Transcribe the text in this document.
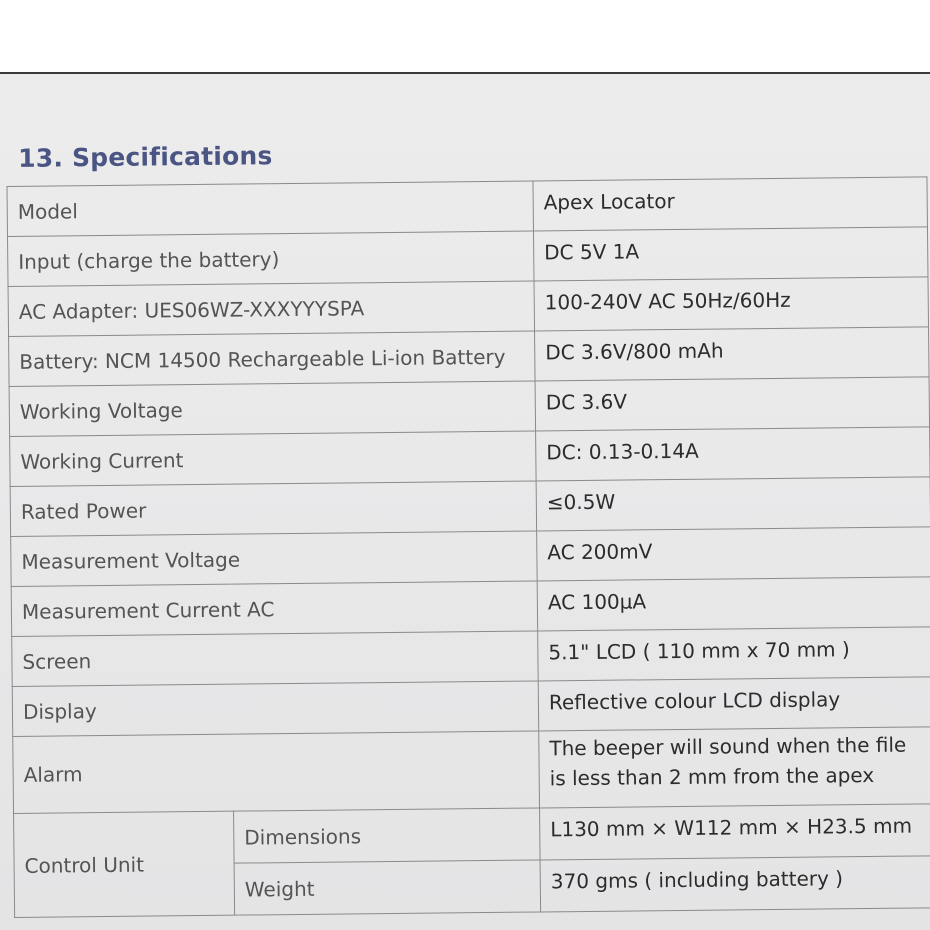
13. Specifications
Model		Apex Locator
Input (charge the battery)		DC 5V 1A
AC Adapter: UES06WZ-XXXYYYSPA		100-240V AC 50Hz/60Hz
Battery: NCM 14500 Rechargeable Li-ion Battery		DC 3.6V/800 mAh
Working Voltage		DC 3.6V
Working Current		DC: 0.13-0.14A
Rated Power		≤0.5W
Measurement Voltage		AC 200mV
Measurement Current AC		AC 100µA
Screen		5.1" LCD ( 110 mm x 70 mm )
Display		Reflective colour LCD display
Alarm		The beeper will sound when the file is less than 2 mm from the apex
Control Unit	Dimensions	L130 mm × W112 mm × H23.5 mm
	Weight	370 gms ( including battery )
